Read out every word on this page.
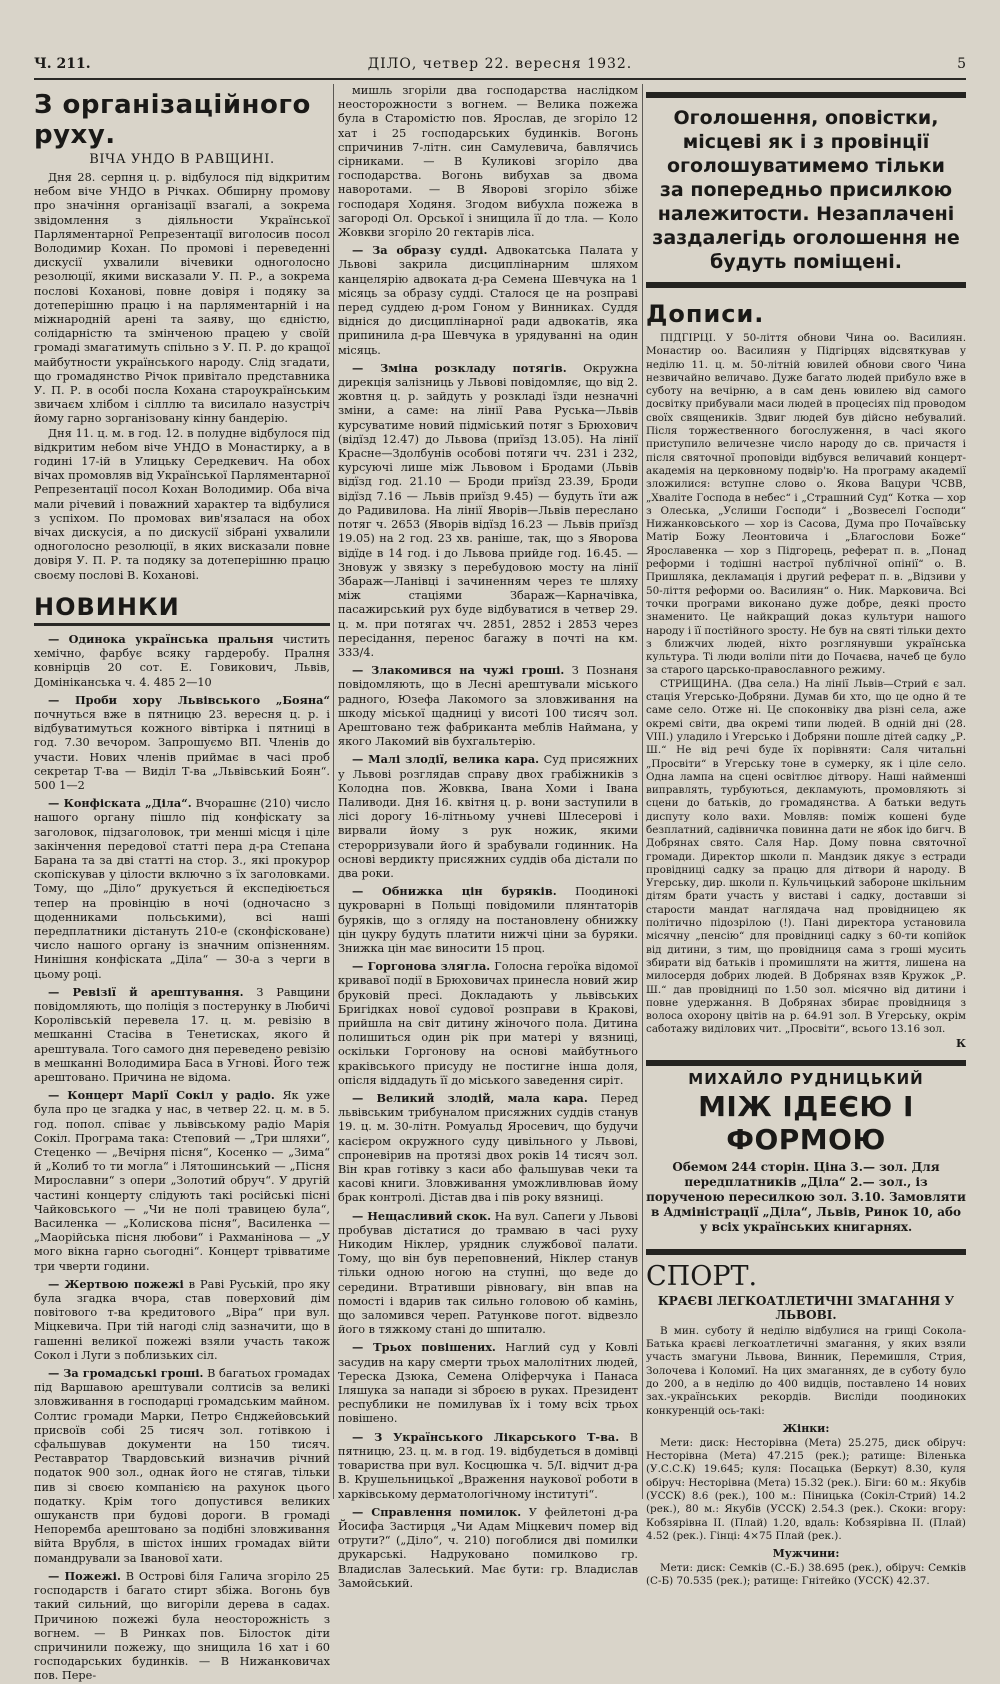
Ч. 211.	ДІЛО, четвер 22. вересня 1932.	5
З організаційного руху.
ВІЧА УНДО В РАВЩИНІ.

Дня 28. серпня ц. р. відбулося під відкритим небом віче УНДО в Річках. Обширну промову про значіння організації взагалі, а зокрема звідомлення з діяльности Української Парляментарної Репрезентації виголосив посол Володимир Кохан. По промові і переведенні дискусії ухвалили вічевики одноголосно резолюції, якими висказали У. П. Р., а зокрема послові Коханові, повне довіря і подяку за дотеперішню працю і на парляментарній і на міжнародній арені та заяву, що єдністю, солідарністю та змінченою працею у своїй громаді змагатимуть спільно з У. П. Р. до кращої майбутности українського народу. Слід згадати, що громадянство Річок привітало представника У. П. Р. в особі посла Кохана староукраїнським звичаєм хлібом і сілллю та висилало назустріч йому гарно зорганізовану кінну бандерію.

Дня 11. ц. м. в год. 12. в полудне відбулося під відкритим небом віче УНДО в Монастирку, а в годині 17-ій в Улицьку Середкевич. На обох вічах промовляв від Української Парляментарної Репрезентації посол Кохан Володимир. Оба віча мали річевий і поважний характер та відбулися з успіхом. По промовах вив'язалася на обох вічах дискусія, а по дискусії зібрані ухвалили одноголосно резолюції, в яких висказали повне довіря У. П. Р. та подяку за дотеперішню працю своєму послові В. Коханові.

НОВИНКИ

— Одинока українська пральня чистить хемічно, фарбує всяку гардеробу. Пралня ковнірців 20 сот. Е. Говикович, Львів, Домініканська ч. 4. 485 2—10

— Проби хору Львівського „Бояна“ почнуться вже в пятницю 23. вересня ц. р. і відбуватимуться кожного вівтірка і пятниці в год. 7.30 вечором. Запрошуємо ВП. Членів до участи. Нових членів приймає в часі проб секретар Т-ва — Виділ Т-ва „Львівський Боян“. 500 1—2

— Конфіската „Діла“. Вчорашнє (210) число нашого органу пішло під конфіскату за заголовок, підзаголовок, три менші місця і ціле закінчення передової статті пера д-ра Степана Барана та за дві статті на стор. 3., які прокурор скопіскував у цілости включно з їх заголовками. Тому, що „Діло“ друкується й експедіюється тепер на провінцію в ночі (одночасно з щоденниками польськими), всі наші передплатники дістануть 210-е (сконфісковане) число нашого органу із значним опізненням. Нинішня конфіската „Діла“ — 30-а з черги в цьому році.

— Ревізії й арештування. З Равщини повідомляють, що поліція з постерунку в Любичі Королівській перевела 17. ц. м. ревізію в мешканні Стасіва в Тенетисках, якого й арештувала. Того самого дня переведено ревізію в мешканні Володимира Баса в Угнові. Його теж арештовано. Причина не відома.

— Концерт Марії Сокіл у радіо. Як уже була про це згадка у нас, в четвер 22. ц. м. в 5. год. попол. співає у львівському радіо Марія Сокіл. Програма така: Степовий — „Три шляхи“, Стеценко — „Вечірня пісня“, Косенко — „Зима“ й „Колиб то ти могла“ і Лятошинський — „Пісня Мирославни“ з опери „Золотий обруч“. У другій частині концерту слідують такі російські пісні Чайковського — „Чи не полі травицею була“, Василенка — „Колискова пісня“, Василенка — „Маорійська пісня любови“ і Рахманінова — „У мого вікна гарно сьогодні“. Концерт трівватиме три чверти години.

— Жертвою пожежі в Раві Руській, про яку була згадка вчора, став поверховий дім повітового т-ва кредитового „Віра“ при вул. Міцкевича. При тій нагоді слід зазначити, що в гашенні великої пожежі взяли участь також Сокол і Луги з поблизьких сіл.

— За громадські гроші. В багатьох громадах під Варшавою арештували солтисів за великі зловживання в господарці громадським майном. Солтис громади Марки, Петро Єнджейовський присвоїв собі 25 тисяч зол. готівкою і сфальшував документи на 150 тисяч. Реставратор Твардовський визначив річний податок 900 зол., однак його не стягав, тільки пив зі своєю компанією на рахунок цього податку. Крім того допустився великих ошуканств при будові дороги. В громаді Непоремба арештовано за подібні зловживання війта Врубля, в шістох інших громадах війти помандрували за Іванової хати.

— Пожежі. В Острові біля Галича згоріло 25 господарств і багато стирт збіжа. Вогонь був такий сильний, що вигоріли дерева в садах. Причиною пожежі була неосторожність з вогнем. — В Ринках пов. Білосток діти спричинили пожежу, що знищила 16 хат і 60 господарських будинків. — В Нижанковичах пов. Пере-

мишль згоріли два господарства наслідком неосторожности з вогнем. — Велика пожежа була в Старомістю пов. Ярослав, де згоріло 12 хат і 25 господарських будинків. Вогонь спричинив 7-літн. син Самулевича, бавлячись сірниками. — В Куликові згоріло два господарства. Вогонь вибухав за двома наворотами. — В Яворові згоріло збіже господаря Ходяня. Згодом вибухла пожежа в загороді Ол. Орської і знищила її до тла. — Коло Жовкви згоріло 20 гектарів ліса.

— За образу судді. Адвокатська Палата у Львові закрила дисциплінарним шляхом канцелярію адвоката д-ра Семена Шевчука на 1 місяць за образу судді. Сталося це на розправі перед суддею д-ром Гоном у Винниках. Суддя відніся до дисциплінарної ради адвокатів, яка припинила д-ра Шевчука в урядуванні на один місяць.

— Зміна розкладу потягів. Окружна дирекція залізниць у Львові повідомляє, що від 2. жовтня ц. р. зайдуть у розкладі їзди незначні зміни, а саме: на лінії Рава Руська—Львів курсуватиме новий підміський потяг з Брюхович (відїзд 12.47) до Львова (приїзд 13.05). На лінії Красне—Здолбунів особові потяги чч. 231 і 232, курсуючі лише між Львовом і Бродами (Львів відїзд год. 21.10 — Броди приїзд 23.39, Броди відїзд 7.16 — Львів приїзд 9.45) — будуть їти аж до Радивилова. На лінії Яворів—Львів переслано потяг ч. 2653 (Яворів відїзд 16.23 — Львів приїзд 19.05) на 2 год. 23 хв. раніше, так, що з Яворова відїде в 14 год. і до Львова прийде год. 16.45. — Зновуж у звязку з перебудовою мосту на лінії Збараж—Ланівці і зачиненням через те шляху між стаціями Збараж—Карначівка, пасажирський рух буде відбуватися в четвер 29. ц. м. при потягах чч. 2851, 2852 і 2853 через пересідання, переноc багажу в почті на км. 333/4.

— Злакомився на чужі гроші. З Познаня повідомляють, що в Лесні арештували міського радного, Юзефа Лакомого за зловживання на шкоду міської щадниці у висоті 100 тисяч зол. Арештовано теж фабриканта меблів Наймана, у якого Лакомий вів бухгальтерію.

— Малі злодії, велика кара. Суд присяжних у Львові розглядав справу двох грабіжників з Колодна пов. Жовква, Івана Хоми і Івана Паливоди. Дня 16. квітня ц. р. вони заступили в лісі дорогу 16-літньому учневі Шлесерові і вирвали йому з рук ножик, якими стерорризували його й зрабували годинник. На основі вердикту присяжних суддів оба дістали по два роки.

— Обнижка цін буряків. Поодинокі цукроварні в Польщі повідомили плянтаторів буряків, що з огляду на постановлену обнижку цін цукру будуть платити нижчі ціни за буряки. Знижка цін має виносити 15 проц.

— Горгонова злягла. Голосна героїка відомої кривавої події в Брюховичах принесла новий жир бруковій пресі. Докладають у львівських Бригідках нової судової розправи в Кракові, прийшла на світ дитину жіночого пола. Дитина полишиться один рік при матері у вязниці, оскільки Горгонову на основі майбутнього краківського присуду не постигне інша доля, опісля віддадуть її до міського заведення сиріт.

— Великий злодій, мала кара. Перед львівським трибуналом присяжних суддів станув 19. ц. м. 30-літн. Ромуальд Яросевич, що будучи касієром окружного суду цивільного у Львові, спроневірив на протязі двох років 14 тисяч зол. Він крав готівку з каси або фальшував чеки та касові книги. Зловживання уможливлював йому брак контролі. Дістав два і пів року вязниці.

— Нещасливий скок. На вул. Сапеги у Львові пробував дістатися до трамваю в часі руху Никодим Ніклер, урядник службової палати. Тому, що він був переповнений, Ніклер станув тільки одною ногою на ступні, що веде до середини. Втративши рівновагу, він впав на помості і вдарив так сильно головою об камінь, що заломився череп. Ратункове погот. відвезло його в тяжкому стані до шпиталю.

— Трьох повішених. Наглий суд у Ковлі засудив на кару смерти трьох малолітних людей, Тереска Дзюка, Семена Оліферчука і Панаса Іляшука за напади зі зброєю в руках. Президент республики не помилував їх і тому всіх трьох повішено.

— З Українського Лікарського Т-ва. В пятницю, 23. ц. м. в год. 19. відбудеться в домівці товариства при вул. Косцюшка ч. 5/І. відчит д-ра В. Крушельницької „Враження наукової роботи в харківському дерматологічному інституті“.

— Справлення помилок. У фейлетоні д-ра Йосифа Застирця „Чи Адам Міцкевич помер від отрути?“ („Діло“, ч. 210) погоблися дві помилки друкарські. Надруковано помилково гр. Владислав Залеський. Має бути: гр. Владислав Замойський.

Оголошення, оповістки, місцеві як і з провінції оголошуватимемо тільки за попередньо присилкою належитости. Незаплачені заздалегідь оголошення не будуть поміщені.
Дописи.

ПІДГІРЦІ. У 50-ліття обнови Чина оо. Василиян. Монастир оо. Василиян у Підгірцях відсвяткував у неділю 11. ц. м. 50-літній ювилей обнови свого Чина незвичайно величаво. Дуже багато людей прибуло вже в суботу на вечірню, а в сам день ювилею від самого досвітку прибували маси людей в процесіях під проводом своїх священиків. Здвиг людей був дійсно небувалий. Після торжественного богослуження, в часі якого приступило величезне число народу до св. причастя і після святочної проповіди відбувся величавий концерт-академія на церковному подвір'ю. На програму академії зложилися: вступне слово о. Якова Вацури ЧСВВ, „Хваліте Господа в небес“ і „Страшний Суд“ Котка — хор з Олеська, „Услиши Господи“ і „Возвеселі Господи“ Нижанковського — хор із Сасова, Дума про Почаївську Матір Божу Леонтовича і „Благослови Боже“ Ярославенка — хор з Підгорець, реферат п. в. „Понад реформи і тодішні настрої публічної опінії“ о. В. Пришляка, декламація і другий реферат п. в. „Відзиви у 50-ліття реформи оо. Василиян“ о. Ник. Марковича. Всі точки програми виконано дуже добре, деякі просто знаменито. Це найкращий доказ культури нашого народу і її постійного зросту. Не був на святі тільки дехто з ближчих людей, ніхто розглянувши українська культура. Ті люди воліли піти до Почаєва, начеб це було за старого царсько-православного режиму.

СТРИЩИНА. (Два села.) На лінії Львів—Стрий є зал. стація Угерсько-Добряни. Думав би хто, що це одно й те саме село. Отже ні. Це споконвіку два різні села, аже окремі світи, два окремі типи людей. В одній дні (28. VIII.) уладило і Угерсько і Добряни пошле дітей садку „Р. Ш.“ Не від речі буде їх порівняти: Саля читальні „Просвіти“ в Угерську тоне в сумерку, як і ціле село. Одна лампа на сцені освітлює дітвору. Наші найменші виправлять, турбуються, декламують, промовляють зі сцени до батьків, до громадянства. А батьки ведуть диспуту коло вахи. Мовляв: поміж кошені буде безплатний, садівничка повинна дати не ябок ідо бигч. В Добрянах свято. Саля Нар. Дому повна святочної громади. Директор школи п. Мандзик дякує з естради провідниці садку за працю для дітвори й народу. В Угерську, дир. школи п. Кульчицький забороне шкільним дітям брати участь у виставі і садку, доставши зі старости мандат наглядача над провідницею як політично підозрілою (!). Пані директора установила місячну „пенсію“ для провідниці садку з 60-ти копійок від дитини, з тим, що провідниця сама з гроші мусить збирати від батьків і промишляти на життя, лишена на милосердя добрих людей. В Добрянах взяв Кружок „Р. Ш.“ дав провідниці по 1.50 зол. місячно від дитини і повне удержання. В Добрянах збирає провідниця з волоса охорону цвітів на р. 64.91 зол. В Угерську, окрім саботажу виділових чит. „Просвіти“, всього 13.16 зол.

К
МИХАЙЛО РУДНИЦЬКИЙ
МІЖ ІДЕЄЮ І ФОРМОЮ
Обемом 244 сторін. Ціна 3.— зол. Для передплатників „Діла“ 2.— зол., із порученою пересилкою зол. 3.10. Замовляти в Адміністрації „Діла“, Львів, Ринок 10, або у всіх українських книгарнях.
СПОРТ.
КРАЄВІ ЛЕГКОАТЛЕТИЧНІ ЗМАГАННЯ У ЛЬВОВІ.

В мин. суботу й неділю відбулися на грищі Сокола-Батька краєві легкоатлетичні змагання, у яких взяли участь змагуни Львова, Винник, Перемишля, Стрия, Золочева і Коломиї. На цих змаганнях, де в суботу було до 200, а в неділю до 400 видців, поставлено 14 нових зах.-українських рекордів. Висліди поодиноких конкуренцій ось-такі:

Жінки:

Мети: диск: Несторівна (Мета) 25.275, диск обіруч: Несторівна (Мета) 47.215 (рек.); ратище: Віленька (У.С.С.К) 19.645; куля: Посацька (Беркут) 8.30, куля обіруч: Несторівна (Мета) 15.32 (рек.). Біги: 60 м.: Якубів (УССК) 8.6 (рек.), 100 м.: Піницька (Сокіл-Стрий) 14.2 (рек.), 80 м.: Якубів (УССК) 2.54.3 (рек.). Скоки: вгору: Кобзярівна ІІ. (Плай) 1.20, вдаль: Кобзярівна ІІ. (Плай) 4.52 (рек.). Гінці: 4×75 Плай (рек.).

Мужчини:

Мети: диск: Семків (С.-Б.) 38.695 (рек.), обіруч: Семків (С-Б) 70.535 (рек.); ратище: Гнітейко (УССК) 42.37.
